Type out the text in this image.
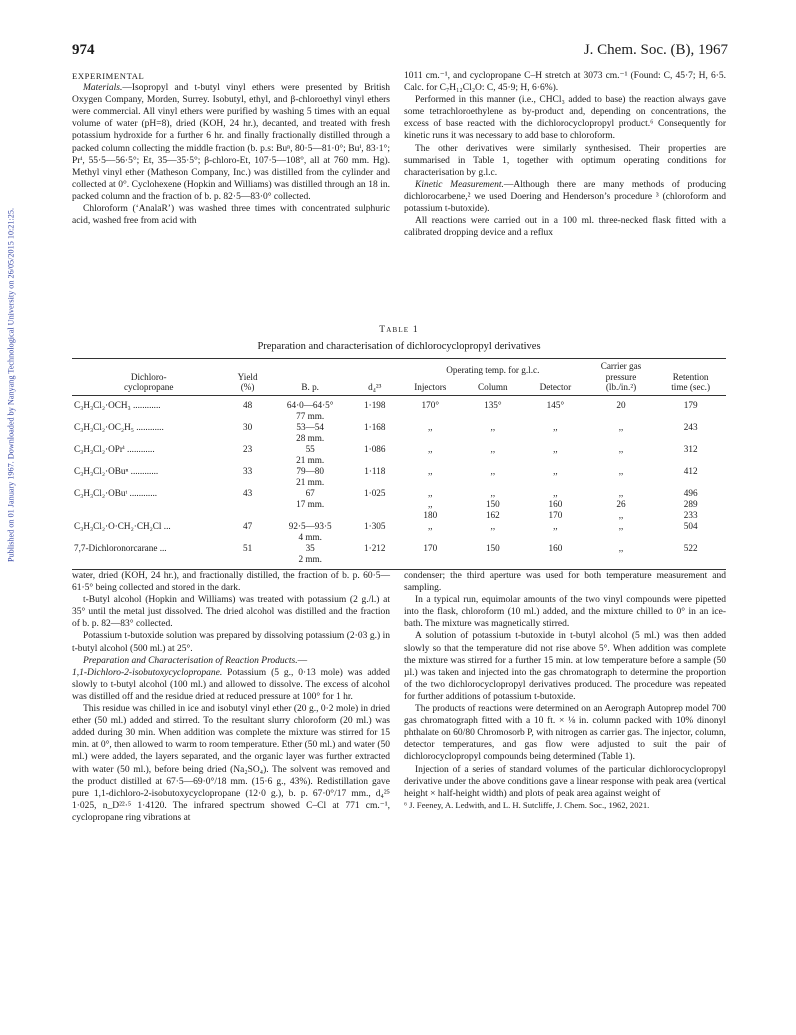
Published on 01 January 1967. Downloaded by Nanyang Technological University on 26/05/2015 10:21:25.
974	J. Chem. Soc. (B), 1967

EXPERIMENTAL

Materials.—Isopropyl and t-butyl vinyl ethers were presented by British Oxygen Company, Morden, Surrey. Isobutyl, ethyl, and β-chloroethyl vinyl ethers were commercial. All vinyl ethers were purified by washing 5 times with an equal volume of water (pH=8), dried (KOH, 24 hr.), decanted, and treated with fresh potassium hydroxide for a further 6 hr. and finally fractionally distilled through a packed column collecting the middle fraction (b. p.s: Buⁿ, 80·5—81·0°; Buⁱ, 83·1°; Prⁱ, 55·5—56·5°; Et, 35—35·5°; β-chloro-Et, 107·5—108°, all at 760 mm. Hg). Methyl vinyl ether (Matheson Company, Inc.) was distilled from the cylinder and collected at 0°. Cyclohexene (Hopkin and Williams) was distilled through an 18 in. packed column and the fraction of b. p. 82·5—83·0° collected.

Chloroform (‘AnalaR’) was washed three times with concentrated sulphuric acid, washed free from acid with

1011 cm.⁻¹, and cyclopropane C–H stretch at 3073 cm.⁻¹ (Found: C, 45·7; H, 6·5. Calc. for C₇H₁₂Cl₂O: C, 45·9; H, 6·6%).

Performed in this manner (i.e., CHCl₃ added to base) the reaction always gave some tetrachloroethylene as by-product and, depending on concentrations, the excess of base reacted with the dichlorocyclopropyl product.⁶ Consequently for kinetic runs it was necessary to add base to chloroform.

The other derivatives were similarly synthesised. Their properties are summarised in Table 1, together with optimum operating conditions for characterisation by g.l.c.

Kinetic Measurement.—Although there are many methods of producing dichlorocarbene,² we used Doering and Henderson’s procedure ³ (chloroform and potassium t-butoxide).

All reactions were carried out in a 100 ml. three-necked flask fitted with a calibrated dropping device and a reflux

Table 1
Preparation and characterisation of dichlorocyclopropyl derivatives
Dichloro-
cyclopropane	Yield
(%)	B. p.	d₄²³	Operating temp. for g.l.c.			Carrier gas
pressure
(lb./in.²)	Retention
time (sec.)
				Injectors	Column	Detector		

C₃H₃Cl₂·OCH₃ ............	48	64·0—64·5°	1·198	170°	135°	145°	20	179
		77 mm.						
C₃H₃Cl₂·OC₂H₅ ............	30	53—54	1·168	,,	,,	,,	,,	243
		28 mm.						
C₃H₃Cl₂·OPrⁱ ............	23	55	1·086	,,	,,	,,	,,	312
		21 mm.						
C₃H₃Cl₂·OBuⁿ ............	33	79—80	1·118	,,	,,	,,	,,	412
		21 mm.						
C₃H₃Cl₂·OBuᵗ ............	43	67	1·025	,,	,,	,,	,,	496
		17 mm.		,,	150	160	26	289
				180	162	170	,,	233
C₃H₃Cl₂·O·CH₂·CH₂Cl ...	47	92·5—93·5	1·305	,,	,,	,,	,,	504
		4 mm.						
7,7-Dichloronorcarane ...	51	35	1·212	170	150	160	,,	522
		2 mm.						

water, dried (KOH, 24 hr.), and fractionally distilled, the fraction of b. p. 60·5—61·5° being collected and stored in the dark.

t-Butyl alcohol (Hopkin and Williams) was treated with potassium (2 g./l.) at 35° until the metal just dissolved. The dried alcohol was distilled and the fraction of b. p. 82—83° collected.

Potassium t-butoxide solution was prepared by dissolving potassium (2·03 g.) in t-butyl alcohol (500 ml.) at 25°.

Preparation and Characterisation of Reaction Products.—
1,1-Dichloro-2-isobutoxycyclopropane. Potassium (5 g., 0·13 mole) was added slowly to t-butyl alcohol (100 ml.) and allowed to dissolve. The excess of alcohol was distilled off and the residue dried at reduced pressure at 100° for 1 hr.

This residue was chilled in ice and isobutyl vinyl ether (20 g., 0·2 mole) in dried ether (50 ml.) added and stirred. To the resultant slurry chloroform (20 ml.) was added during 30 min. When addition was complete the mixture was stirred for 15 min. at 0°, then allowed to warm to room temperature. Ether (50 ml.) and water (50 ml.) were added, the layers separated, and the organic layer was further extracted with water (50 ml.), before being dried (Na₂SO₄). The solvent was removed and the product distilled at 67·5—69·0°/18 mm. (15·6 g., 43%). Redistillation gave pure 1,1-dichloro-2-isobutoxycyclopropane (12·0 g.), b. p. 67·0°/17 mm., d₄²⁵ 1·025, n_D²²·⁵ 1·4120. The infrared spectrum showed C–Cl at 771 cm.⁻¹, cyclopropane ring vibrations at

condenser; the third aperture was used for both temperature measurement and sampling.

In a typical run, equimolar amounts of the two vinyl compounds were pipetted into the flask, chloroform (10 ml.) added, and the mixture chilled to 0° in an ice-bath. The mixture was magnetically stirred.

A solution of potassium t-butoxide in t-butyl alcohol (5 ml.) was then added slowly so that the temperature did not rise above 5°. When addition was complete the mixture was stirred for a further 15 min. at low temperature before a sample (50 µl.) was taken and injected into the gas chromatograph to determine the proportion of the two dichlorocyclopropyl derivatives produced. The procedure was repeated for further additions of potassium t-butoxide.

The products of reactions were determined on an Aerograph Autoprep model 700 gas chromatograph fitted with a 10 ft. × ⅛ in. column packed with 10% dinonyl phthalate on 60/80 Chromosorb P, with nitrogen as carrier gas. The injector, column, detector temperatures, and gas flow were adjusted to suit the pair of dichlorocyclopropyl compounds being determined (Table 1).

Injection of a series of standard volumes of the particular dichlorocyclopropyl derivative under the above conditions gave a linear response with peak area (vertical height × half-height width) and plots of peak area against weight of

⁶ J. Feeney, A. Ledwith, and L. H. Sutcliffe, J. Chem. Soc., 1962, 2021.
